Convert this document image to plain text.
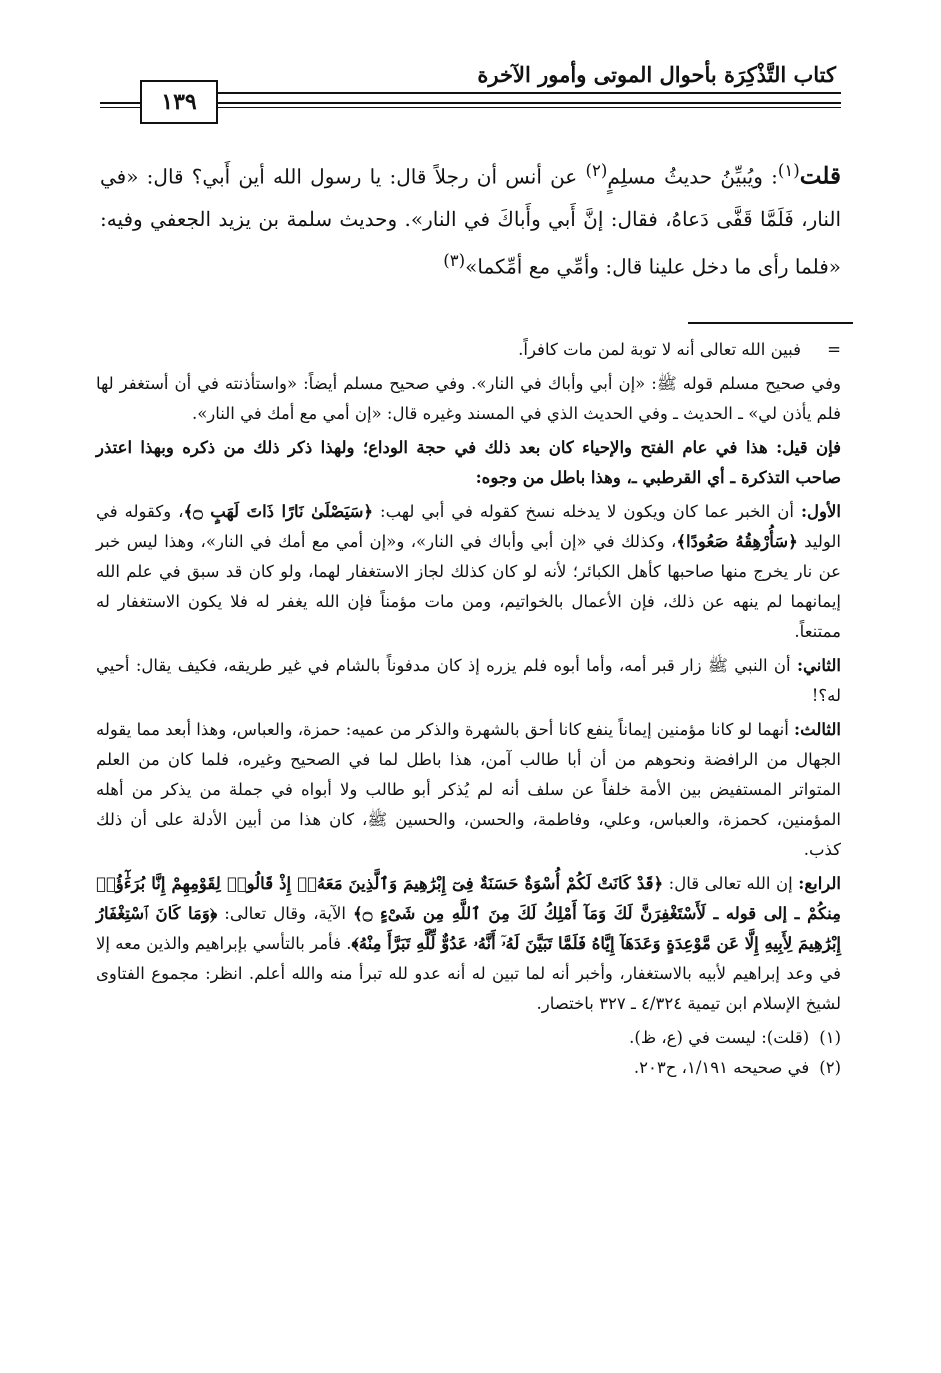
كتاب التَّذْكِرَة بأحوال الموتى وأمور الآخرة
١٣٩

قلت$^{(١)}$: ويُبيِّنُ حديثُ مسلِمٍ$^{(٢)}$ عن أنس أن رجلاً قال: يا رسول الله أين أَبي؟ قال: «في النار، فَلَمَّا قَفَّى دَعاهُ، فقال: إنَّ أَبي وأَباكَ في النار». وحديث سلمة بن يزيد الجعفي وفيه: «فلما رأى ما دخل علينا قال: وأمِّي مع أمِّكما»$^{(٣)}$

=
فبين الله تعالى أنه لا توبة لمن مات كافراً.

وفي صحيح مسلم قوله ﷺ: «إن أبي وأباك في النار». وفي صحيح مسلم أيضاً: «واستأذنته في أن أستغفر لها فلم يأذن لي» ـ الحديث ـ وفي الحديث الذي في المسند وغيره قال: «إن أمي مع أمك في النار».

فإن قيل: هذا في عام الفتح والإحياء كان بعد ذلك في حجة الوداع؛ ولهذا ذكر ذلك من ذكره وبهذا اعتذر صاحب التذكرة ـ أي القرطبي ـ، وهذا باطل من وجوه:

الأول: أن الخبر عما كان ويكون لا يدخله نسخ كقوله في أبي لهب: ﴿سَيَصْلَىٰ نَارًا ذَاتَ لَهَبٍ ۝﴾، وكقوله في الوليد ﴿سَأُرْهِقُهُ صَعُودًا﴾، وكذلك في «إن أبي وأباك في النار»، و«إن أمي مع أمك في النار»، وهذا ليس خبر عن نار يخرج منها صاحبها كأهل الكبائر؛ لأنه لو كان كذلك لجاز الاستغفار لهما، ولو كان قد سبق في علم الله إيمانهما لم ينهه عن ذلك، فإن الأعمال بالخواتيم، ومن مات مؤمناً فإن الله يغفر له فلا يكون الاستغفار له ممتنعاً.

الثاني: أن النبي ﷺ زار قبر أمه، وأما أبوه فلم يزره إذ كان مدفوناً بالشام في غير طريقه، فكيف يقال: أحيي له؟!

الثالث: أنهما لو كانا مؤمنين إيماناً ينفع كانا أحق بالشهرة والذكر من عميه: حمزة، والعباس، وهذا أبعد مما يقوله الجهال من الرافضة ونحوهم من أن أبا طالب آمن، هذا باطل لما في الصحيح وغيره، فلما كان من العلم المتواتر المستفيض بين الأمة خلفاً عن سلف أنه لم يُذكر أبو طالب ولا أبواه في جملة من يذكر من أهله المؤمنين، كحمزة، والعباس، وعلي، وفاطمة، والحسن، والحسين ﷺ، كان هذا من أبين الأدلة على أن ذلك كذب.

الرابع: إن الله تعالى قال: ﴿قَدْ كَانَتْ لَكُمْ أُسْوَةٌ حَسَنَةٌ فِىٓ إِبْرَٰهِيمَ وَٱلَّذِينَ مَعَهُۥٓ إِذْ قَالُوا۟ لِقَوْمِهِمْ إِنَّا بُرَءَٰٓؤُا۟ مِنكُمْ ـ إلى قوله ـ لَأَسْتَغْفِرَنَّ لَكَ وَمَآ أَمْلِكُ لَكَ مِنَ ٱللَّهِ مِن شَىْءٍ ۝﴾ الآية، وقال تعالى: ﴿وَمَا كَانَ ٱسْتِغْفَارُ إِبْرَٰهِيمَ لِأَبِيهِ إِلَّا عَن مَّوْعِدَةٍ وَعَدَهَآ إِيَّاهُ فَلَمَّا تَبَيَّنَ لَهُۥٓ أَنَّهُۥ عَدُوٌّ لِّلَّهِ تَبَرَّأَ مِنْهُ﴾. فأمر بالتأسي بإبراهيم والذين معه إلا في وعد إبراهيم لأبيه بالاستغفار، وأخبر أنه لما تبين له أنه عدو لله تبرأ منه والله أعلم. انظر: مجموع الفتاوى لشيخ الإسلام ابن تيمية ٤/٣٢٤ ـ ٣٢٧ باختصار.

(١)
(قلت): ليست في (ع، ظ).
(٢)
في صحيحه ١/١٩١، ح٢٠٣.
